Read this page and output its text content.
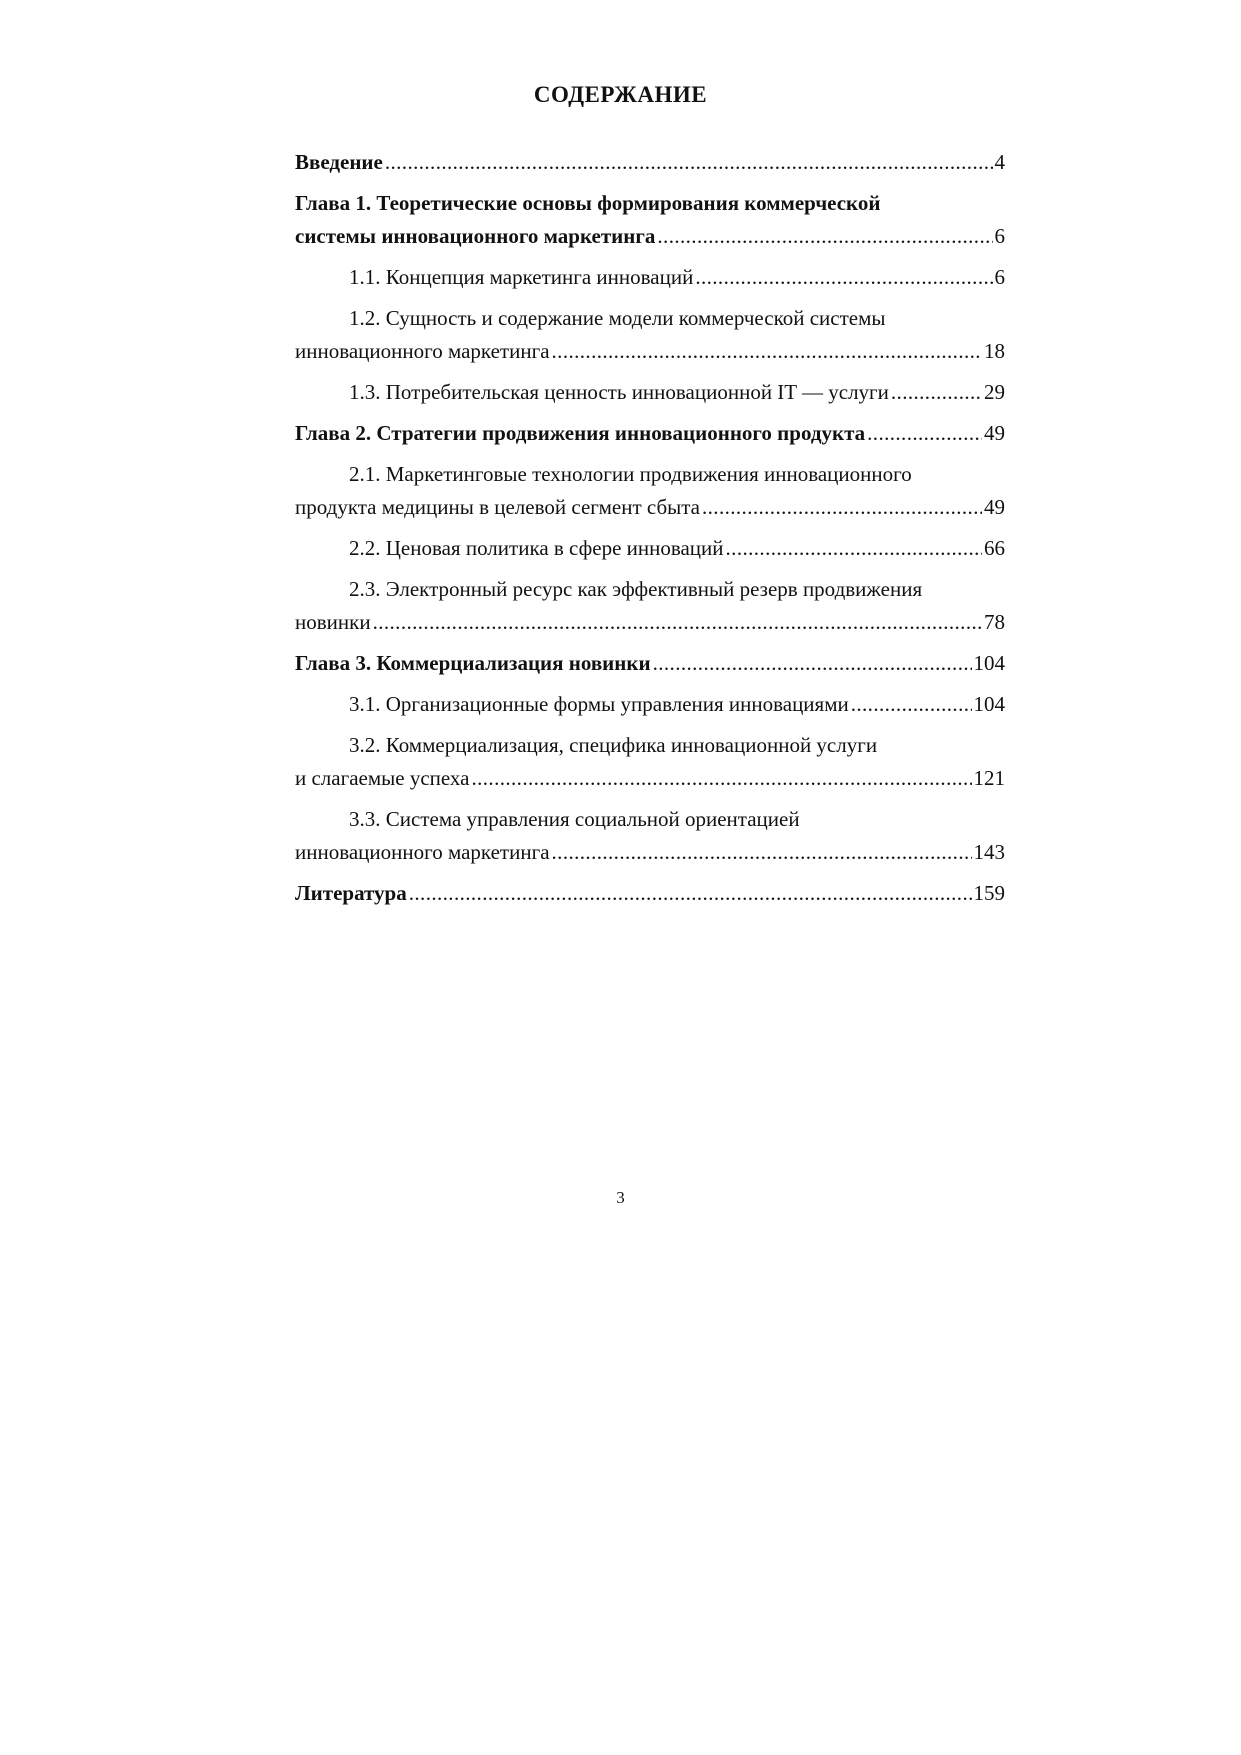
СОДЕРЖАНИЕ
Введение .....	4
Глава 1. Теоретические основы формирования коммерческой
системы инновационного маркетинга .....	6
1.1. Концепция маркетинга инноваций .....	6
1.2. Сущность и содержание модели коммерческой системы
инновационного маркетинга .....	18
1.3. Потребительская ценность инновационной IT — услуги .....	29
Глава 2. Стратегии продвижения инновационного продукта .....	49
2.1. Маркетинговые технологии продвижения инновационного
продукта медицины в целевой сегмент сбыта .....	49
2.2. Ценовая политика в сфере инноваций .....	66
2.3. Электронный ресурс как эффективный резерв продвижения
новинки .....	78
Глава 3. Коммерциализация новинки .....	104
3.1. Организационные формы управления инновациями .....	104
3.2. Коммерциализация, специфика инновационной услуги
и слагаемые успеха .....	121
3.3. Система управления социальной ориентацией
инновационного маркетинга .....	143
Литература .....	159
3
